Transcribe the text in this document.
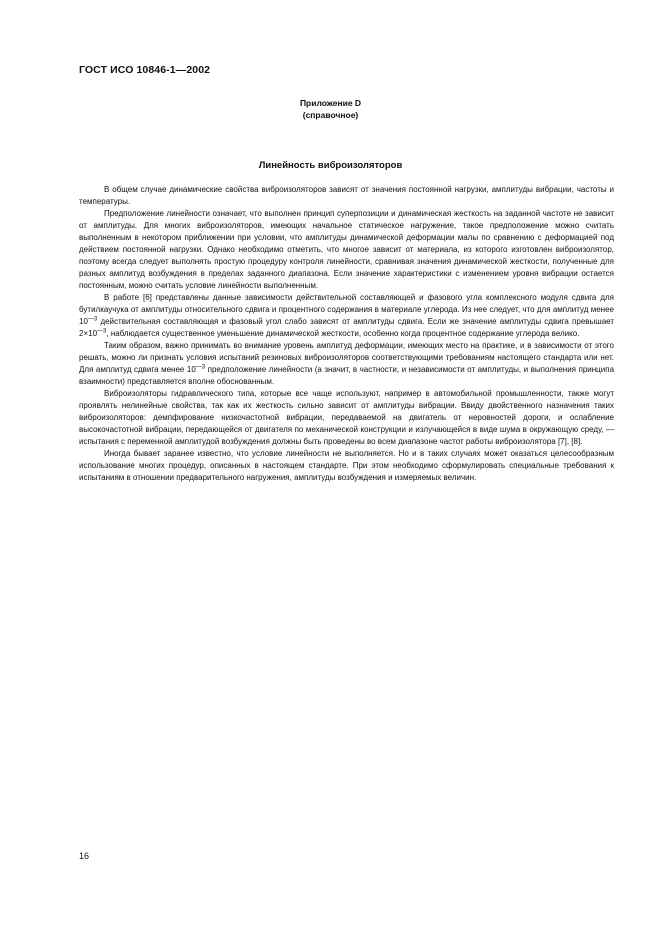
ГОСТ ИСО 10846-1—2002
Приложение D
(справочное)
Линейность виброизоляторов

В общем случае динамические свойства виброизоляторов зависят от значения постоянной нагрузки, амплитуды вибрации, частоты и температуры.

Предположение линейности означает, что выполнен принцип суперпозиции и динамическая жесткость на заданной частоте не зависит от амплитуды. Для многих виброизоляторов, имеющих начальное статическое нагружение, такое предположение можно считать выполненным в некотором приближении при условии, что амплитуды динамической деформации малы по сравнению с деформацией под действием постоянной нагрузки. Однако необходимо отметить, что многое зависит от материала, из которого изготовлен виброизолятор, поэтому всегда следует выполнять простую процедуру контроля линейности, сравнивая значения динамической жесткости, полученные для разных амплитуд возбуждения в пределах заданного диапазона. Если значение характеристики с изменением уровня вибрации остается постоянным, можно считать условие линейности выполненным.

В работе [6] представлены данные зависимости действительной составляющей и фазового угла комплексного модуля сдвига для бутилкаучука от амплитуды относительного сдвига и процентного содержания в материале углерода. Из нее следует, что для амплитуд менее $10^{—3}$ действительная составляющая и фазовый угол слабо зависят от амплитуды сдвига. Если же значение амплитуды сдвига превышает $2\times 10^{—3}$, наблюдается существенное уменьшение динамической жесткости, особенно когда процентное содержание углерода велико.

Таким образом, важно принимать во внимание уровень амплитуд деформации, имеющих место на практике, и в зависимости от этого решать, можно ли признать условия испытаний резиновых виброизоляторов соответствующими требованиям настоящего стандарта или нет. Для амплитуд сдвига менее $10^{—3}$ предположение линейности (а значит, в частности, и независимости от амплитуды, и выполнения принципа взаимности) представляется вполне обоснованным.

Виброизоляторы гидравлического типа, которые все чаще используют, например в автомобильной промышленности, также могут проявлять нелинейные свойства, так как их жесткость сильно зависит от амплитуды вибрации. Ввиду двойственного назначения таких виброизоляторов: демпфирование низкочастотной вибрации, передаваемой на двигатель от неровностей дороги, и ослабление высокочастотной вибрации, передающейся от двигателя по механической конструкции и излучающейся в виде шума в окружающую среду, — испытания с переменной амплитудой возбуждения должны быть проведены во всем диапазоне частот работы виброизолятора [7], [8].

Иногда бывает заранее известно, что условие линейности не выполняется. Но и в таких случаях может оказаться целесообразным использование многих процедур, описанных в настоящем стандарте. При этом необходимо сформулировать специальные требования к испытаниям в отношении предварительного нагружения, амплитуды возбуждения и измеряемых величин.

16
